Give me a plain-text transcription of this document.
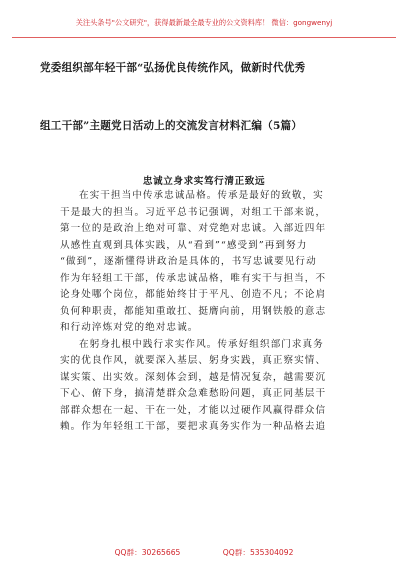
关注头条号"公文研究"，获得最新最全最专业的公文资料库！ 微信：gongwenyj
党委组织部年轻干部“弘扬优良传统作风，做新时代优秀
组工干部”主题党日活动上的交流发言材料汇编（5篇）
忠诚立身求实笃行清正致远
在实干担当中传承忠诚品格。传承是最好的致敬，实
干是最大的担当。习近平总书记强调，对组工干部来说，
第一位的是政治上绝对可靠、对党绝对忠诚。入部近四年
从感性直观到具体实践，从“看到”“感受到”再到努力
“做到”，逐渐懂得讲政治是具体的，书写忠诚要见行动
作为年轻组工干部，传承忠诚品格，唯有实干与担当，不
论身处哪个岗位，都能始终甘于平凡、创造不凡；不论肩
负何种职责，都能知重敢扛、挺膺向前，用钢铁般的意志
和行动淬炼对党的绝对忠诚。
在躬身扎根中践行求实作风。传承好组织部门求真务
实的优良作风，就要深入基层、躬身实践，真正察实情、
谋实策、出实效。深刻体会到，越是情况复杂，越需要沉
下心、俯下身，搞清楚群众急难愁盼问题，真正同基层干
部群众想在一起、干在一处，才能以过硬作风赢得群众信
赖。作为年轻组工干部，要把求真务实作为一种品格去追
QQ群：30265665	QQ群：535304092
